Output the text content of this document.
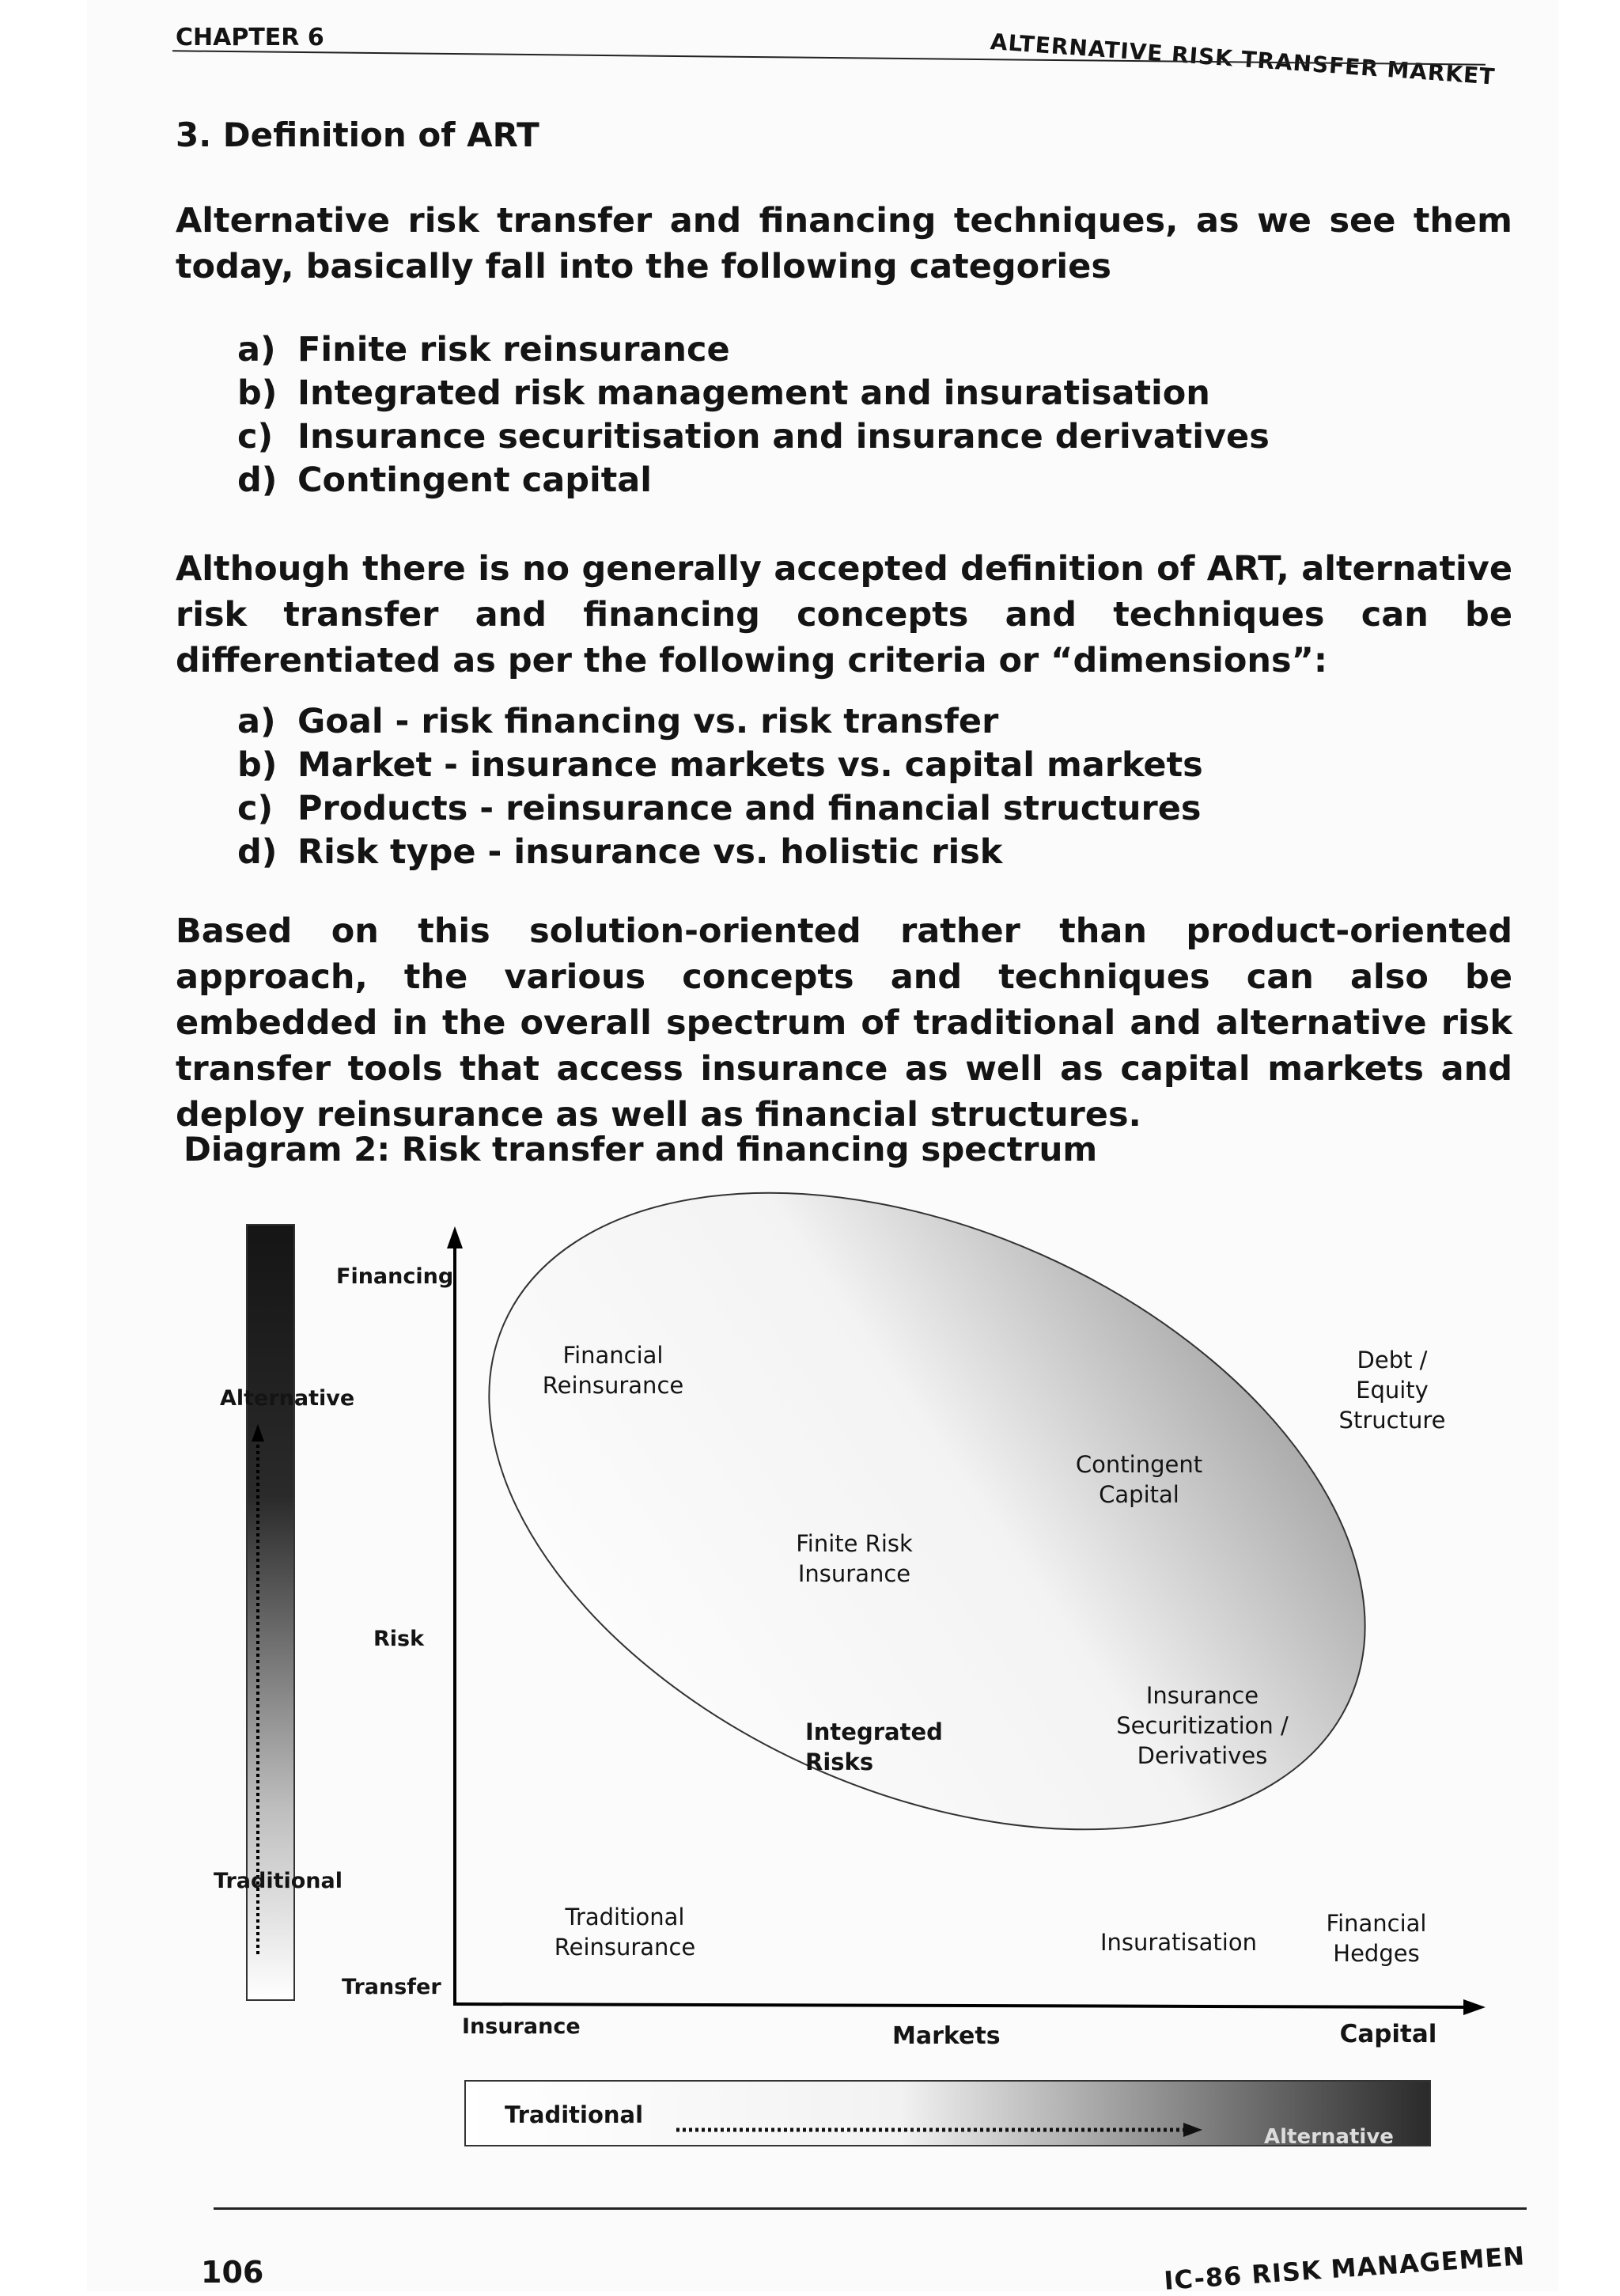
CHAPTER 6	ALTERNATIVE RISK TRANSFER MARKET
3. Definition of ART
Alternative risk transfer and financing techniques, as we see them today, basically fall into the following categories
a) Finite risk reinsurance
b) Integrated risk management and insuratisation
c) Insurance securitisation and insurance derivatives
d) Contingent capital
Although there is no generally accepted definition of ART, alternative risk transfer and financing concepts and techniques can be differentiated as per the following criteria or “dimensions”:
a) Goal - risk financing vs. risk transfer
b) Market - insurance markets vs. capital markets
c) Products - reinsurance and financial structures
d) Risk type - insurance vs. holistic risk
Based on this solution-oriented rather than product-oriented approach, the various concepts and techniques can also be embedded in the overall spectrum of traditional and alternative risk transfer tools that access insurance as well as capital markets and deploy reinsurance as well as financial structures.
Diagram 2: Risk transfer and financing spectrum
Alternative
Traditional
Financing
Risk
Transfer
Insurance	Markets	Capital
Traditional
Alternative
Financial Reinsurance
Debt / Equity Structure
Contingent Capital
Finite Risk Insurance
Insurance Securitization / Derivatives
Integrated Risks
Traditional Reinsurance	Insuratisation
Financial Hedges
106	IC-86 RISK MANAGEMEN
